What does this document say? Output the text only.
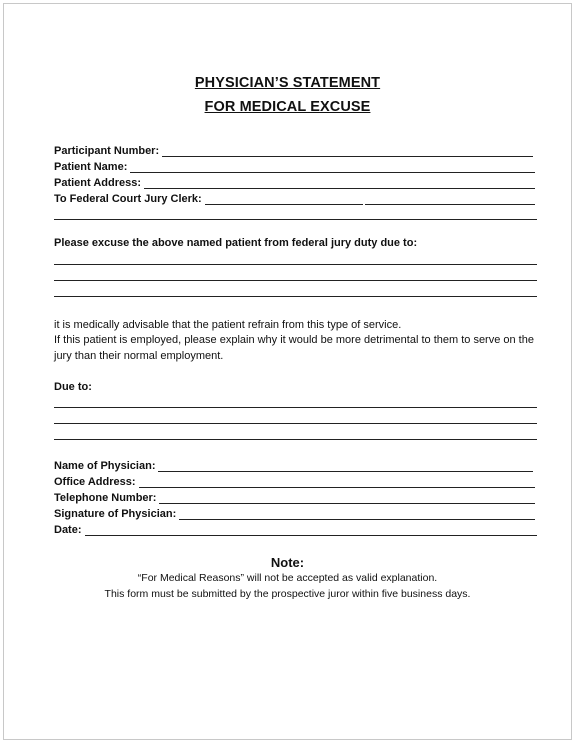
PHYSICIAN’S STATEMENT
FOR MEDICAL EXCUSE
Participant Number:
Patient Name:
Patient Address:
To Federal Court Jury Clerk:
Please excuse the above named patient from federal jury duty due to:
it is medically advisable that the patient refrain from this type of service.
If this patient is employed, please explain why it would be more detrimental to them to serve on the jury than their normal employment.
Due to:
Name of Physician:
Office Address:
Telephone Number:
Signature of Physician:
Date:
Note:
“For Medical Reasons” will not be accepted as valid explanation.
This form must be submitted by the prospective juror within five business days.
